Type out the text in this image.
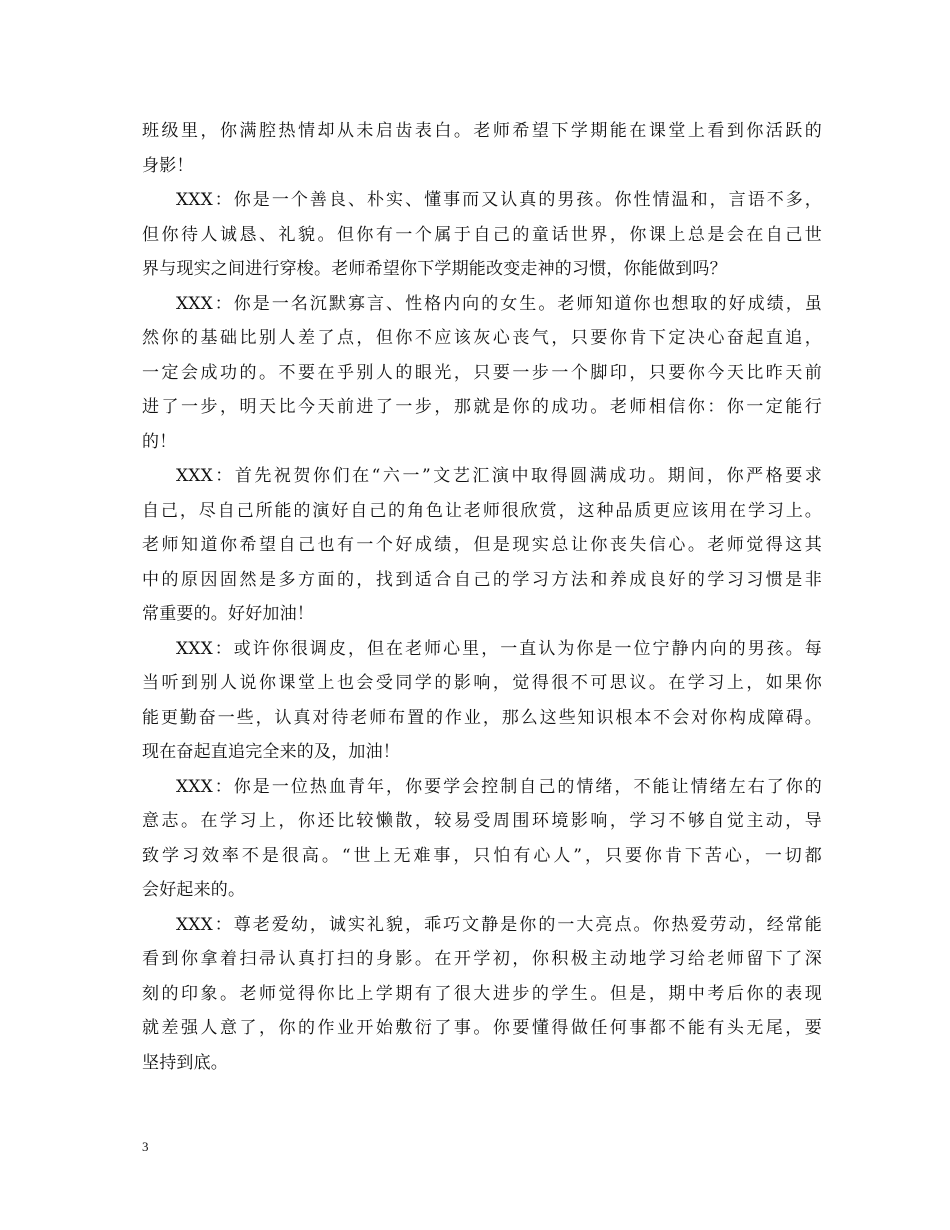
班级里，你满腔热情却从未启齿表白。老师希望下学期能在课堂上看到你活跃的
身影！
XXX：你是一个善良、朴实、懂事而又认真的男孩。你性情温和，言语不多，
但你待人诚恳、礼貌。但你有一个属于自己的童话世界，你课上总是会在自己世
界与现实之间进行穿梭。老师希望你下学期能改变走神的习惯，你能做到吗？
XXX：你是一名沉默寡言、性格内向的女生。老师知道你也想取的好成绩，虽
然你的基础比别人差了点，但你不应该灰心丧气，只要你肯下定决心奋起直追，
一定会成功的。不要在乎别人的眼光，只要一步一个脚印，只要你今天比昨天前
进了一步，明天比今天前进了一步，那就是你的成功。老师相信你：你一定能行
的！
XXX：首先祝贺你们在“六一”文艺汇演中取得圆满成功。期间，你严格要求
自己，尽自己所能的演好自己的角色让老师很欣赏，这种品质更应该用在学习上。
老师知道你希望自己也有一个好成绩，但是现实总让你丧失信心。老师觉得这其
中的原因固然是多方面的，找到适合自己的学习方法和养成良好的学习习惯是非
常重要的。好好加油！
XXX：或许你很调皮，但在老师心里，一直认为你是一位宁静内向的男孩。每
当听到别人说你课堂上也会受同学的影响，觉得很不可思议。在学习上，如果你
能更勤奋一些，认真对待老师布置的作业，那么这些知识根本不会对你构成障碍。
现在奋起直追完全来的及，加油！
XXX：你是一位热血青年，你要学会控制自己的情绪，不能让情绪左右了你的
意志。在学习上，你还比较懒散，较易受周围环境影响，学习不够自觉主动，导
致学习效率不是很高。“世上无难事，只怕有心人”，只要你肯下苦心，一切都
会好起来的。
XXX：尊老爱幼，诚实礼貌，乖巧文静是你的一大亮点。你热爱劳动，经常能
看到你拿着扫帚认真打扫的身影。在开学初，你积极主动地学习给老师留下了深
刻的印象。老师觉得你比上学期有了很大进步的学生。但是，期中考后你的表现
就差强人意了，你的作业开始敷衍了事。你要懂得做任何事都不能有头无尾，要
坚持到底。
3
